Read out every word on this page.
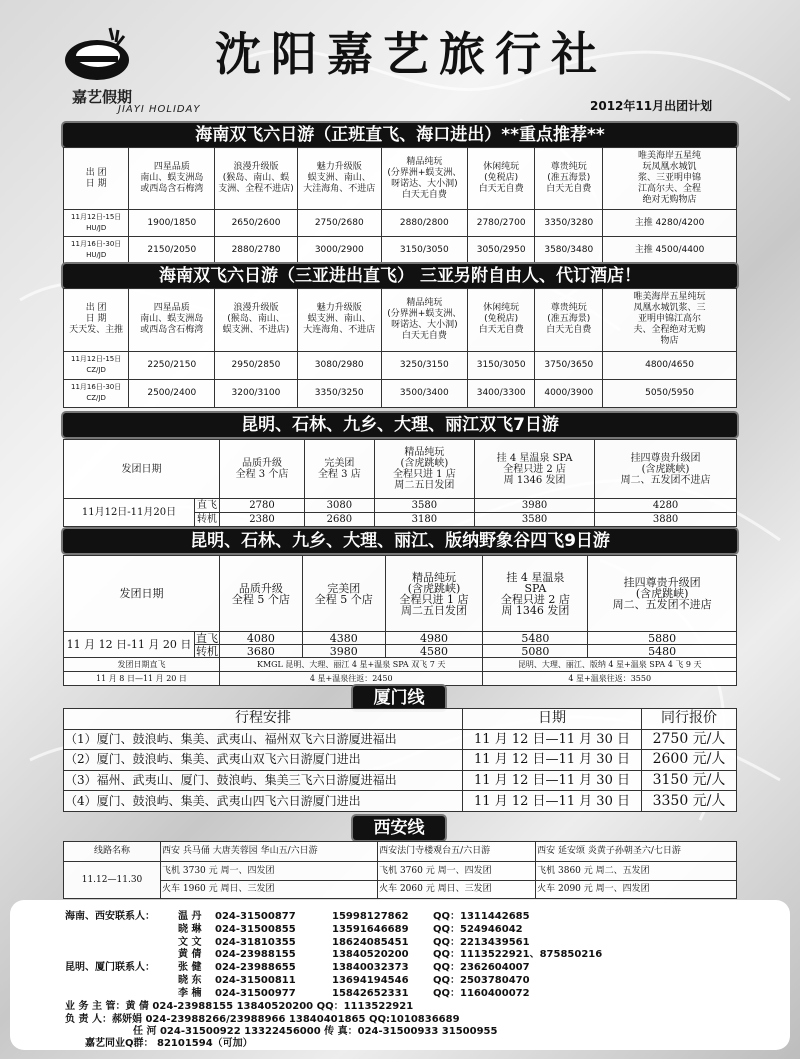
嘉艺假期
JIAYI HOLIDAY
沈阳嘉艺旅行社
2012年11月出团计划
海南双飞六日游（正班直飞、海口进出）**重点推荐**
出 团
日 期	四星品质
南山、蜈支洲岛
或西岛含石梅湾	浪漫升级版
(猴岛、南山、蜈
支洲、全程不进店)	魅力升级版
蜈支洲、南山、
大洼海角、不进店	精品纯玩
(分界洲+蜈支洲、
呀诺达、大小洞)
白天无自费	休闲纯玩
(免税店)
白天无自费	尊贵纯玩
(准五海景)
白天无自费	唯美海岸五星纯
玩凤凰水城饥
浆、三亚明申锦
江高尔夫、全程
绝对无购物店
11月12日-15日
HU/JD	1900/1850	2650/2600	2750/2680	2880/2800	2780/2700	3350/3280	主推 4280/4200
11月16日-30日
HU/JD	2150/2050	2880/2780	3000/2900	3150/3050	3050/2950	3580/3480	主推 4500/4400
海南双飞六日游（三亚进出直飞） 三亚另附自由人、代订酒店！
出 团
日 期
天天发、主推	四星品质
南山、蜈支洲岛
或西岛含石梅湾	浪漫升级版
(猴岛、南山、
蜈支洲、不进店)	魅力升级版
蜈支洲、南山、
大连海角、不进店	精品纯玩
(分界洲+蜈支洲、
呀诺达、大小洞)
白天无自费	休闲纯玩
(免税店)
白天无自费	尊贵纯玩
(准五海景)
白天无自费	唯美海岸五星纯玩
凤凰水城饥浆、三
亚明申锦江高尔
夫、全程绝对无购
物店
11月12日-15日
CZ/JD	2250/2150	2950/2850	3080/2980	3250/3150	3150/3050	3750/3650	4800/4650
11月16日-30日
CZ/JD	2500/2400	3200/3100	3350/3250	3500/3400	3400/3300	4000/3900	5050/5950
昆明、石林、九乡、大理、丽江双飞7日游
发团日期		品质升级
全程 3 个店	完美团
全程 3 店	精品纯玩
(含虎跳峡)
全程只进 1 店
周二五日发团	挂 4 星温泉 SPA
全程只进 2 店
周 1346 发团	挂四尊贵升级团
(含虎跳峡)
周二、五发团不进店
11月12日-11月20日	直飞	2780	3080	3580	3980	4280
	转机	2380	2680	3180	3580	3880
昆明、石林、九乡、大理、丽江、版纳野象谷四飞9日游
发团日期		品质升级
全程 5 个店	完美团
全程 5 个店	精品纯玩
(含虎跳峡)
全程只进 1 店
周二五日发团	挂 4 星温泉
SPA
全程只进 2 店
周 1346 发团	挂四尊贵升级团
(含虎跳峡)
周二、五发团不进店
11 月 12 日-11 月 20 日	直飞	4080	4380	4980	5480	5880
	转机	3680	3980	4580	5080	5480
发团日期直飞		KMGL 昆明、大理、丽江 4 星+温泉 SPA 双飞 7 天			昆明、大理、丽江、版纳 4 星+温泉 SPA 4 飞 9 天	
11 月 8 日—11 月 20 日		4 星+温泉往返：2450			4 星+温泉往返：3550	
厦门线
行程安排	日期	同行报价
（1）厦门、鼓浪屿、集美、武夷山、福州双飞六日游厦进福出	11 月 12 日—11 月 30 日	2750 元/人
（2）厦门、鼓浪屿、集美、武夷山双飞六日游厦门进出	11 月 12 日—11 月 30 日	2600 元/人
（3）福州、武夷山、厦门、鼓浪屿、集美三飞六日游厦进福出	11 月 12 日—11 月 30 日	3150 元/人
（4）厦门、鼓浪屿、集美、武夷山四飞六日游厦门进出	11 月 12 日—11 月 30 日	3350 元/人
西安线
线路名称	西安 兵马俑 大唐芙蓉园 华山五/六日游	西安法门寺楼观台五/六日游	西安 延安颂 炎黄子孙朝圣六/七日游
11.12—11.30	飞机 3730 元 周一、四发团	飞机 3760 元 周一、四发团	飞机 3860 元 周二、五发团
	火车 1960 元 周日、三发团	火车 2060 元 周日、三发团	火车 2090 元 周一、四发团
海南、西安联系人： 温 丹 024-31500877	15998127862 QQ：1311442685
晓 琳 024-31500855	13591646689 QQ：524946042
文 文 024-31810355	18624085451 QQ：2213439561
黄 倩 024-23988155	13840520200 QQ：1113522921、875850216
昆明、厦门联系人： 张 健 024-23988655	13840032373 QQ：2362604007
晓 东 024-31500811	13694194546 QQ：2503780470
李 楠 024-31500977	15842652331 QQ：1160400072
业 务 主 管：黄 倩 024-23988155 13840520200 QQ：1113522921
负 责 人：郝妍娟 024-23988266/23988966 13840401865 QQ:1010836689
任 河 024-31500922 13322456000 传 真：024-31500933 31500955
嘉艺同业Q群： 82101594（可加）
